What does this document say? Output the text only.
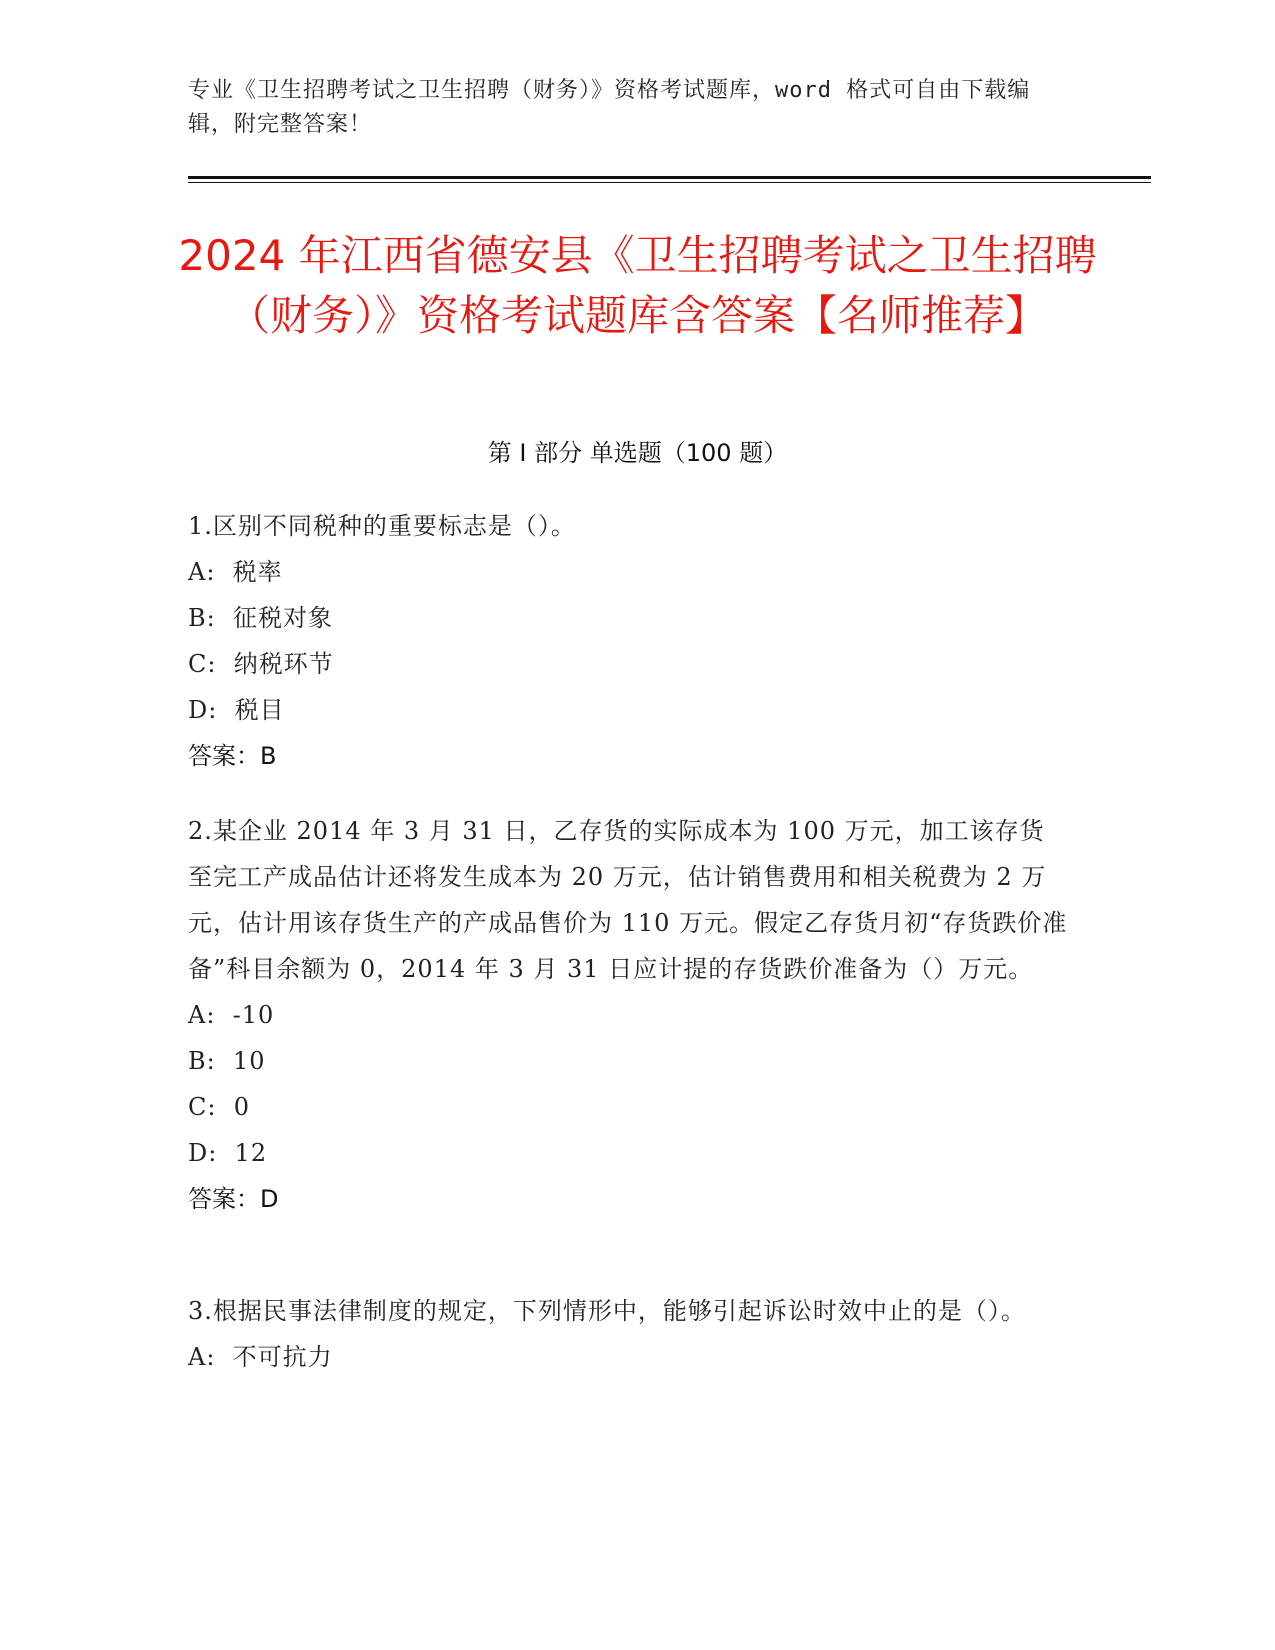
专业《卫生招聘考试之卫生招聘（财务）》资格考试题库，word 格式可自由下载编辑，附完整答案！
2024 年江西省德安县《卫生招聘考试之卫生招聘（财务）》资格考试题库含答案【名师推荐】
第 I 部分 单选题（100 题）

1.区别不同税种的重要标志是（）。

A:  税率

B:  征税对象

C:  纳税环节

D:  税目

答案：B

2.某企业 2014 年 3 月 31 日，乙存货的实际成本为 100 万元，加工该存货至完工产成品估计还将发生成本为 20 万元，估计销售费用和相关税费为 2 万元，估计用该存货生产的产成品售价为 110 万元。假定乙存货月初“存货跌价准备”科目余额为 0，2014 年 3 月 31 日应计提的存货跌价准备为（）万元。

A:  -10

B:  10

C:  0

D:  12

答案：D

3.根据民事法律制度的规定，下列情形中，能够引起诉讼时效中止的是（）。

A:  不可抗力
